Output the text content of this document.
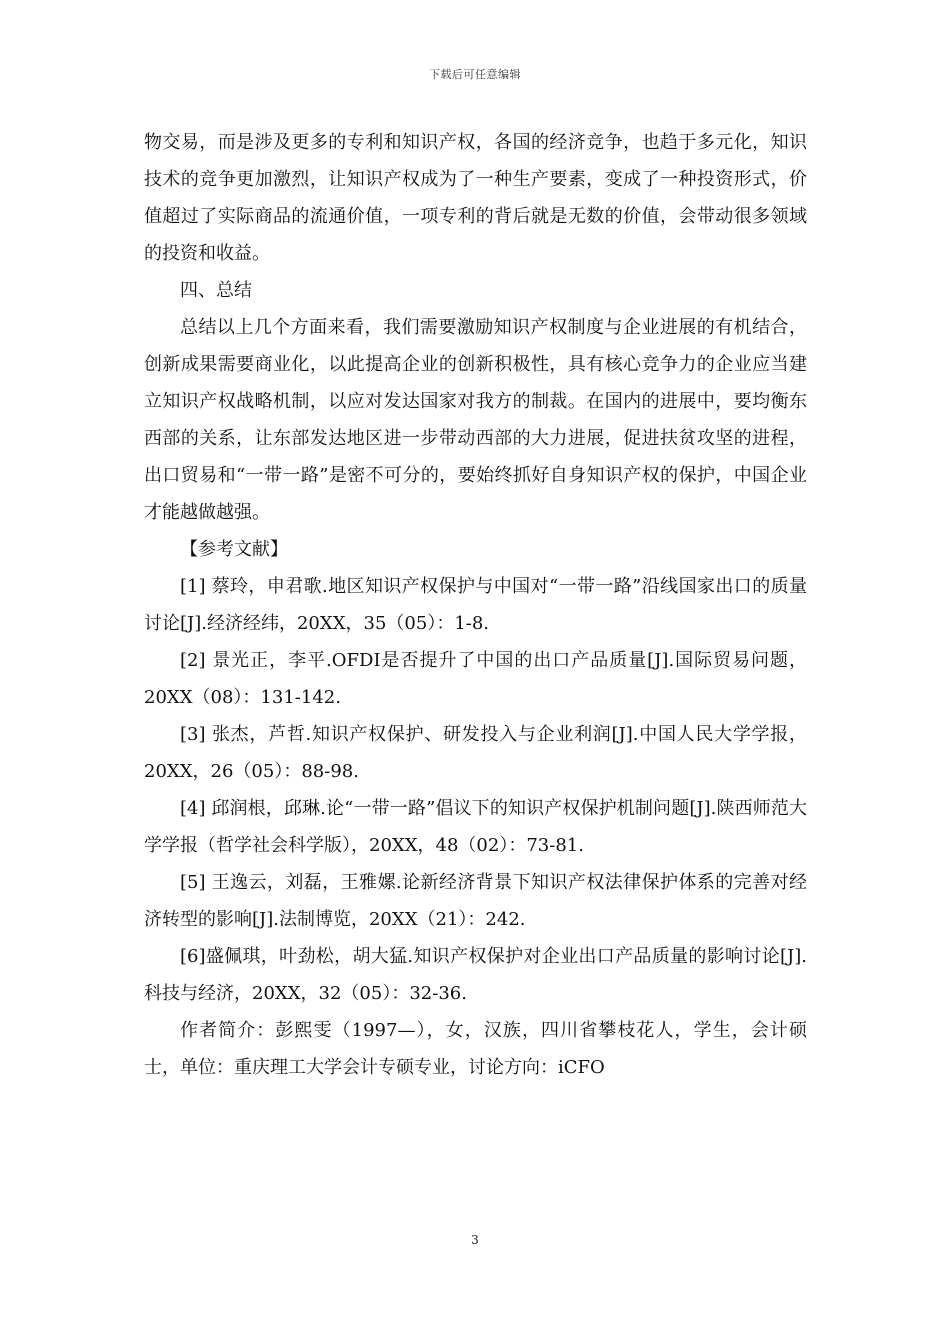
下载后可任意编辑

物交易，而是涉及更多的专利和知识产权，各国的经济竞争，也趋于多元化，知识技术的竞争更加激烈，让知识产权成为了一种生产要素，变成了一种投资形式，价值超过了实际商品的流通价值，一项专利的背后就是无数的价值，会带动很多领域的投资和收益。

四、总结

总结以上几个方面来看，我们需要激励知识产权制度与企业进展的有机结合，创新成果需要商业化，以此提高企业的创新积极性，具有核心竞争力的企业应当建立知识产权战略机制，以应对发达国家对我方的制裁。在国内的进展中，要均衡东西部的关系，让东部发达地区进一步带动西部的大力进展，促进扶贫攻坚的进程，出口贸易和“一带一路”是密不可分的，要始终抓好自身知识产权的保护，中国企业才能越做越强。

【参考文献】

[1] 蔡玲，申君歌.地区知识产权保护与中国对“一带一路”沿线国家出口的质量讨论[J].经济经纬，20XX，35（05）：1-8.

[2] 景光正，李平.OFDI是否提升了中国的出口产品质量[J].国际贸易问题，20XX（08）：131-142.

[3] 张杰，芦哲.知识产权保护、研发投入与企业利润[J].中国人民大学学报，20XX，26（05）：88-98.

[4] 邱润根，邱琳.论“一带一路”倡议下的知识产权保护机制问题[J].陕西师范大学学报（哲学社会科学版），20XX，48（02）：73-81.

[5] 王逸云，刘磊，王雅嫘.论新经济背景下知识产权法律保护体系的完善对经济转型的影响[J].法制博览，20XX（21）：242.

[6]盛佩琪，叶劲松，胡大猛.知识产权保护对企业出口产品质量的影响讨论[J].科技与经济，20XX，32（05）：32-36.

作者简介：彭熙雯（1997—），女，汉族，四川省攀枝花人，学生，会计硕士，单位：重庆理工大学会计专硕专业，讨论方向：iCFO

3
